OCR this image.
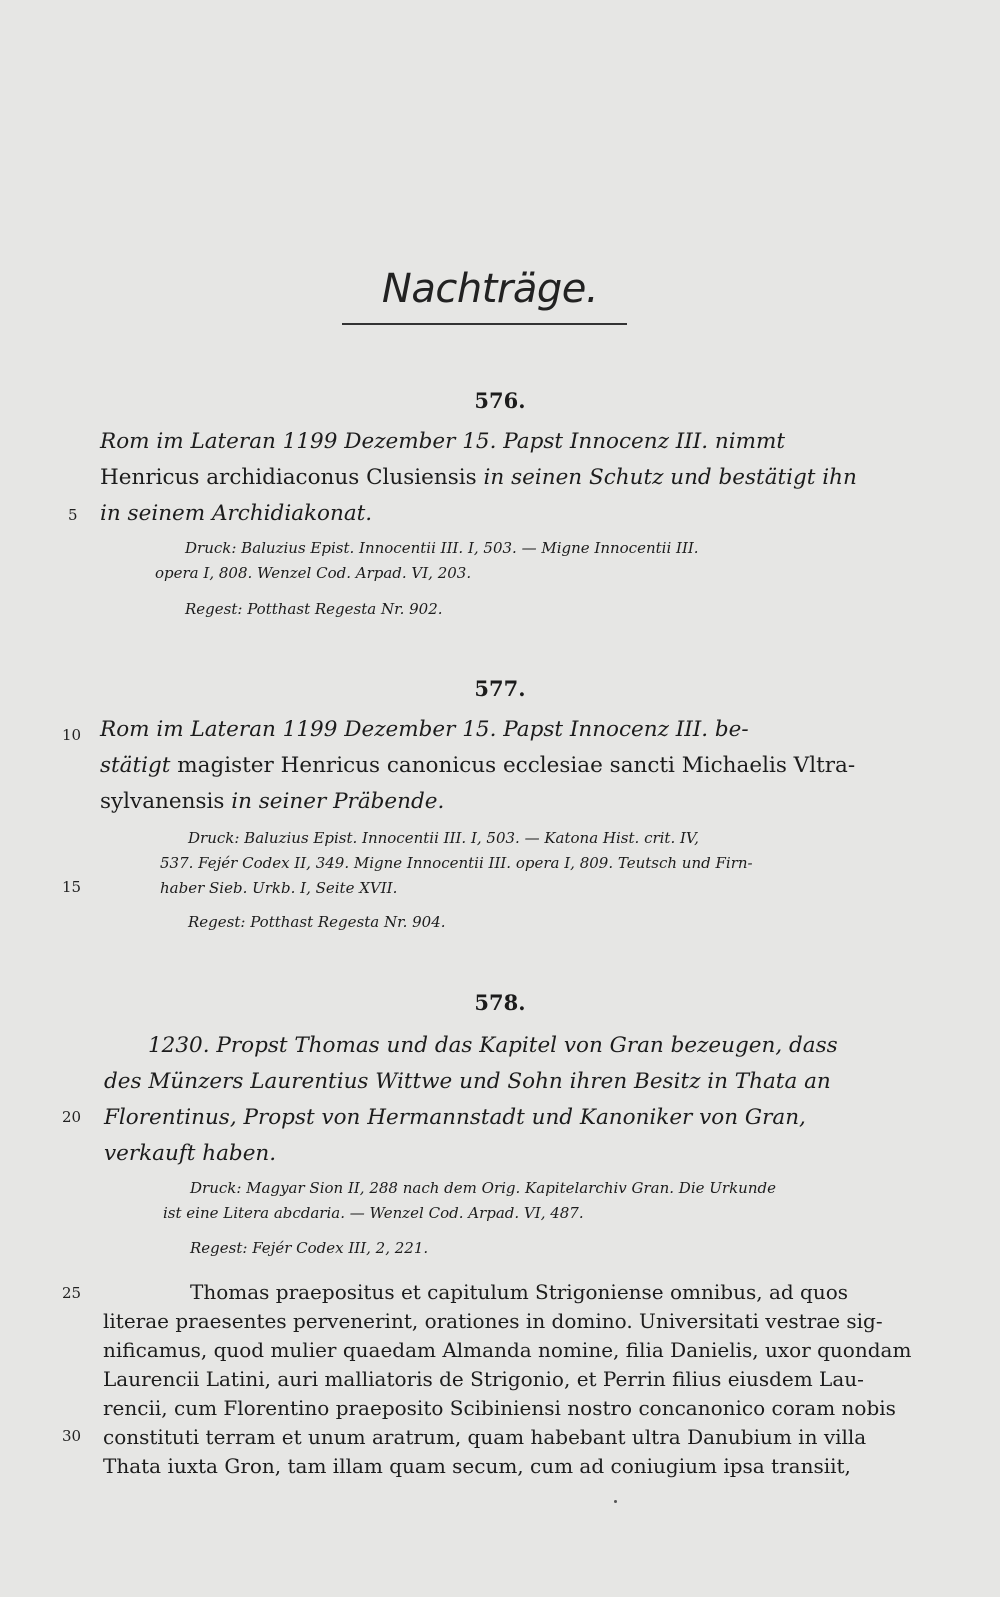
Nachträge.
576.
Rom im Lateran 1199 Dezember 15. Papst Innocenz III. nimmt
Henricus archidiaconus Clusiensis in seinen Schutz und bestätigt ihn
in seinem Archidiakonat.
Druck: Baluzius Epist. Innocentii III. I, 503. — Migne Innocentii III.
opera I, 808. Wenzel Cod. Arpad. VI, 203.
Regest: Potthast Regesta Nr. 902.
577.
Rom im Lateran 1199 Dezember 15. Papst Innocenz III. be-
stätigt magister Henricus canonicus ecclesiae sancti Michaelis Vltra-
sylvanensis in seiner Präbende.
Druck: Baluzius Epist. Innocentii III. I, 503. — Katona Hist. crit. IV,
537. Fejér Codex II, 349. Migne Innocentii III. opera I, 809. Teutsch und Firn-
haber Sieb. Urkb. I, Seite XVII.
Regest: Potthast Regesta Nr. 904.
578.
1230. Propst Thomas und das Kapitel von Gran bezeugen, dass
des Münzers Laurentius Wittwe und Sohn ihren Besitz in Thata an
Florentinus, Propst von Hermannstadt und Kanoniker von Gran,
verkauft haben.
Druck: Magyar Sion II, 288 nach dem Orig. Kapitelarchiv Gran. Die Urkunde
ist eine Litera abcdaria. — Wenzel Cod. Arpad. VI, 487.
Regest: Fejér Codex III, 2, 221.
Thomas praepositus et capitulum Strigoniense omnibus, ad quos
literae praesentes pervenerint, orationes in domino. Universitati vestrae sig-
nificamus, quod mulier quaedam Almanda nomine, filia Danielis, uxor quondam
Laurencii Latini, auri malliatoris de Strigonio, et Perrin filius eiusdem Lau-
rencii, cum Florentino praeposito Scibiniensi nostro concanonico coram nobis
constituti terram et unum aratrum, quam habebant ultra Danubium in villa
Thata iuxta Gron, tam illam quam secum, cum ad coniugium ipsa transiit,
5
10
15
20
25
30
